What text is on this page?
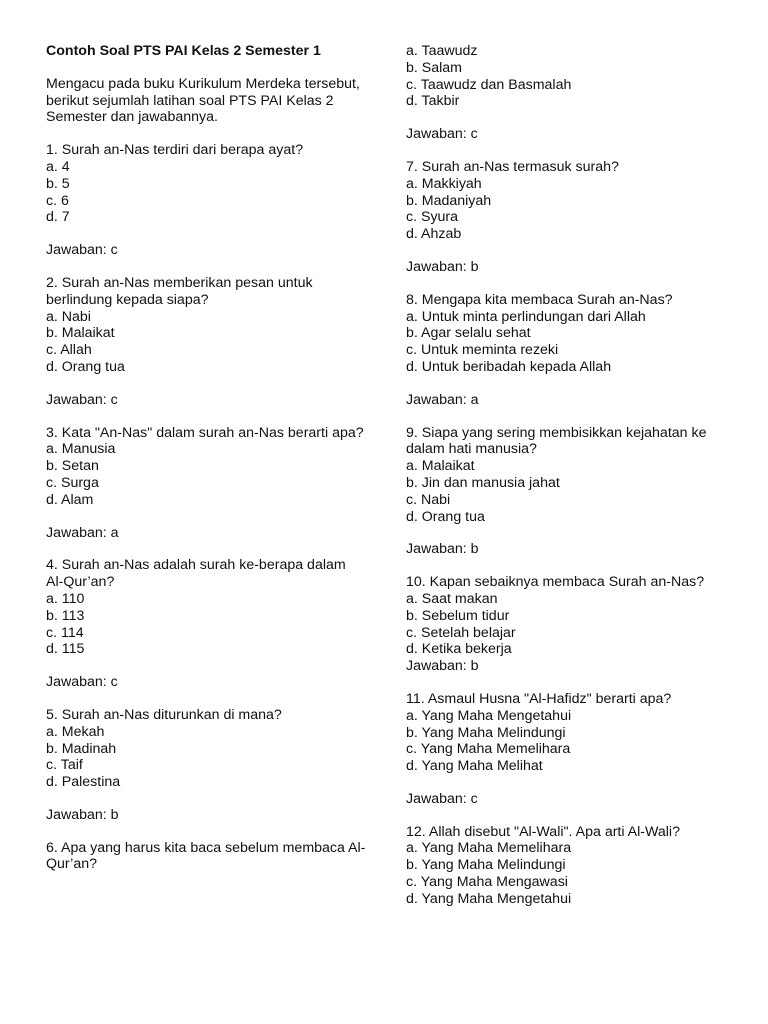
Contoh Soal PTS PAI Kelas 2 Semester 1
Mengacu pada buku Kurikulum Merdeka tersebut, berikut sejumlah latihan soal PTS PAI Kelas 2 Semester dan jawabannya.
1. Surah an-Nas terdiri dari berapa ayat?
a. 4
b. 5
c. 6
d. 7
Jawaban: c
2. Surah an-Nas memberikan pesan untuk berlindung kepada siapa?
a. Nabi
b. Malaikat
c. Allah
d. Orang tua
Jawaban: c
3. Kata "An-Nas" dalam surah an-Nas berarti apa?
a. Manusia
b. Setan
c. Surga
d. Alam
Jawaban: a
4. Surah an-Nas adalah surah ke-berapa dalam Al-Qur’an?
a. 110
b. 113
c. 114
d. 115
Jawaban: c
5. Surah an-Nas diturunkan di mana?
a. Mekah
b. Madinah
c. Taif
d. Palestina
Jawaban: b
6. Apa yang harus kita baca sebelum membaca Al-Qur’an?
a. Taawudz
b. Salam
c. Taawudz dan Basmalah
d. Takbir
Jawaban: c
7. Surah an-Nas termasuk surah?
a. Makkiyah
b. Madaniyah
c. Syura
d. Ahzab
Jawaban: b
8. Mengapa kita membaca Surah an-Nas?
a. Untuk minta perlindungan dari Allah
b. Agar selalu sehat
c. Untuk meminta rezeki
d. Untuk beribadah kepada Allah
Jawaban: a
9. Siapa yang sering membisikkan kejahatan ke dalam hati manusia?
a. Malaikat
b. Jin dan manusia jahat
c. Nabi
d. Orang tua
Jawaban: b
10. Kapan sebaiknya membaca Surah an-Nas?
a. Saat makan
b. Sebelum tidur
c. Setelah belajar
d. Ketika bekerja
Jawaban: b
11. Asmaul Husna "Al-Hafidz" berarti apa?
a. Yang Maha Mengetahui
b. Yang Maha Melindungi
c. Yang Maha Memelihara
d. Yang Maha Melihat
Jawaban: c
12. Allah disebut "Al-Wali". Apa arti Al-Wali?
a. Yang Maha Memelihara
b. Yang Maha Melindungi
c. Yang Maha Mengawasi
d. Yang Maha Mengetahui
